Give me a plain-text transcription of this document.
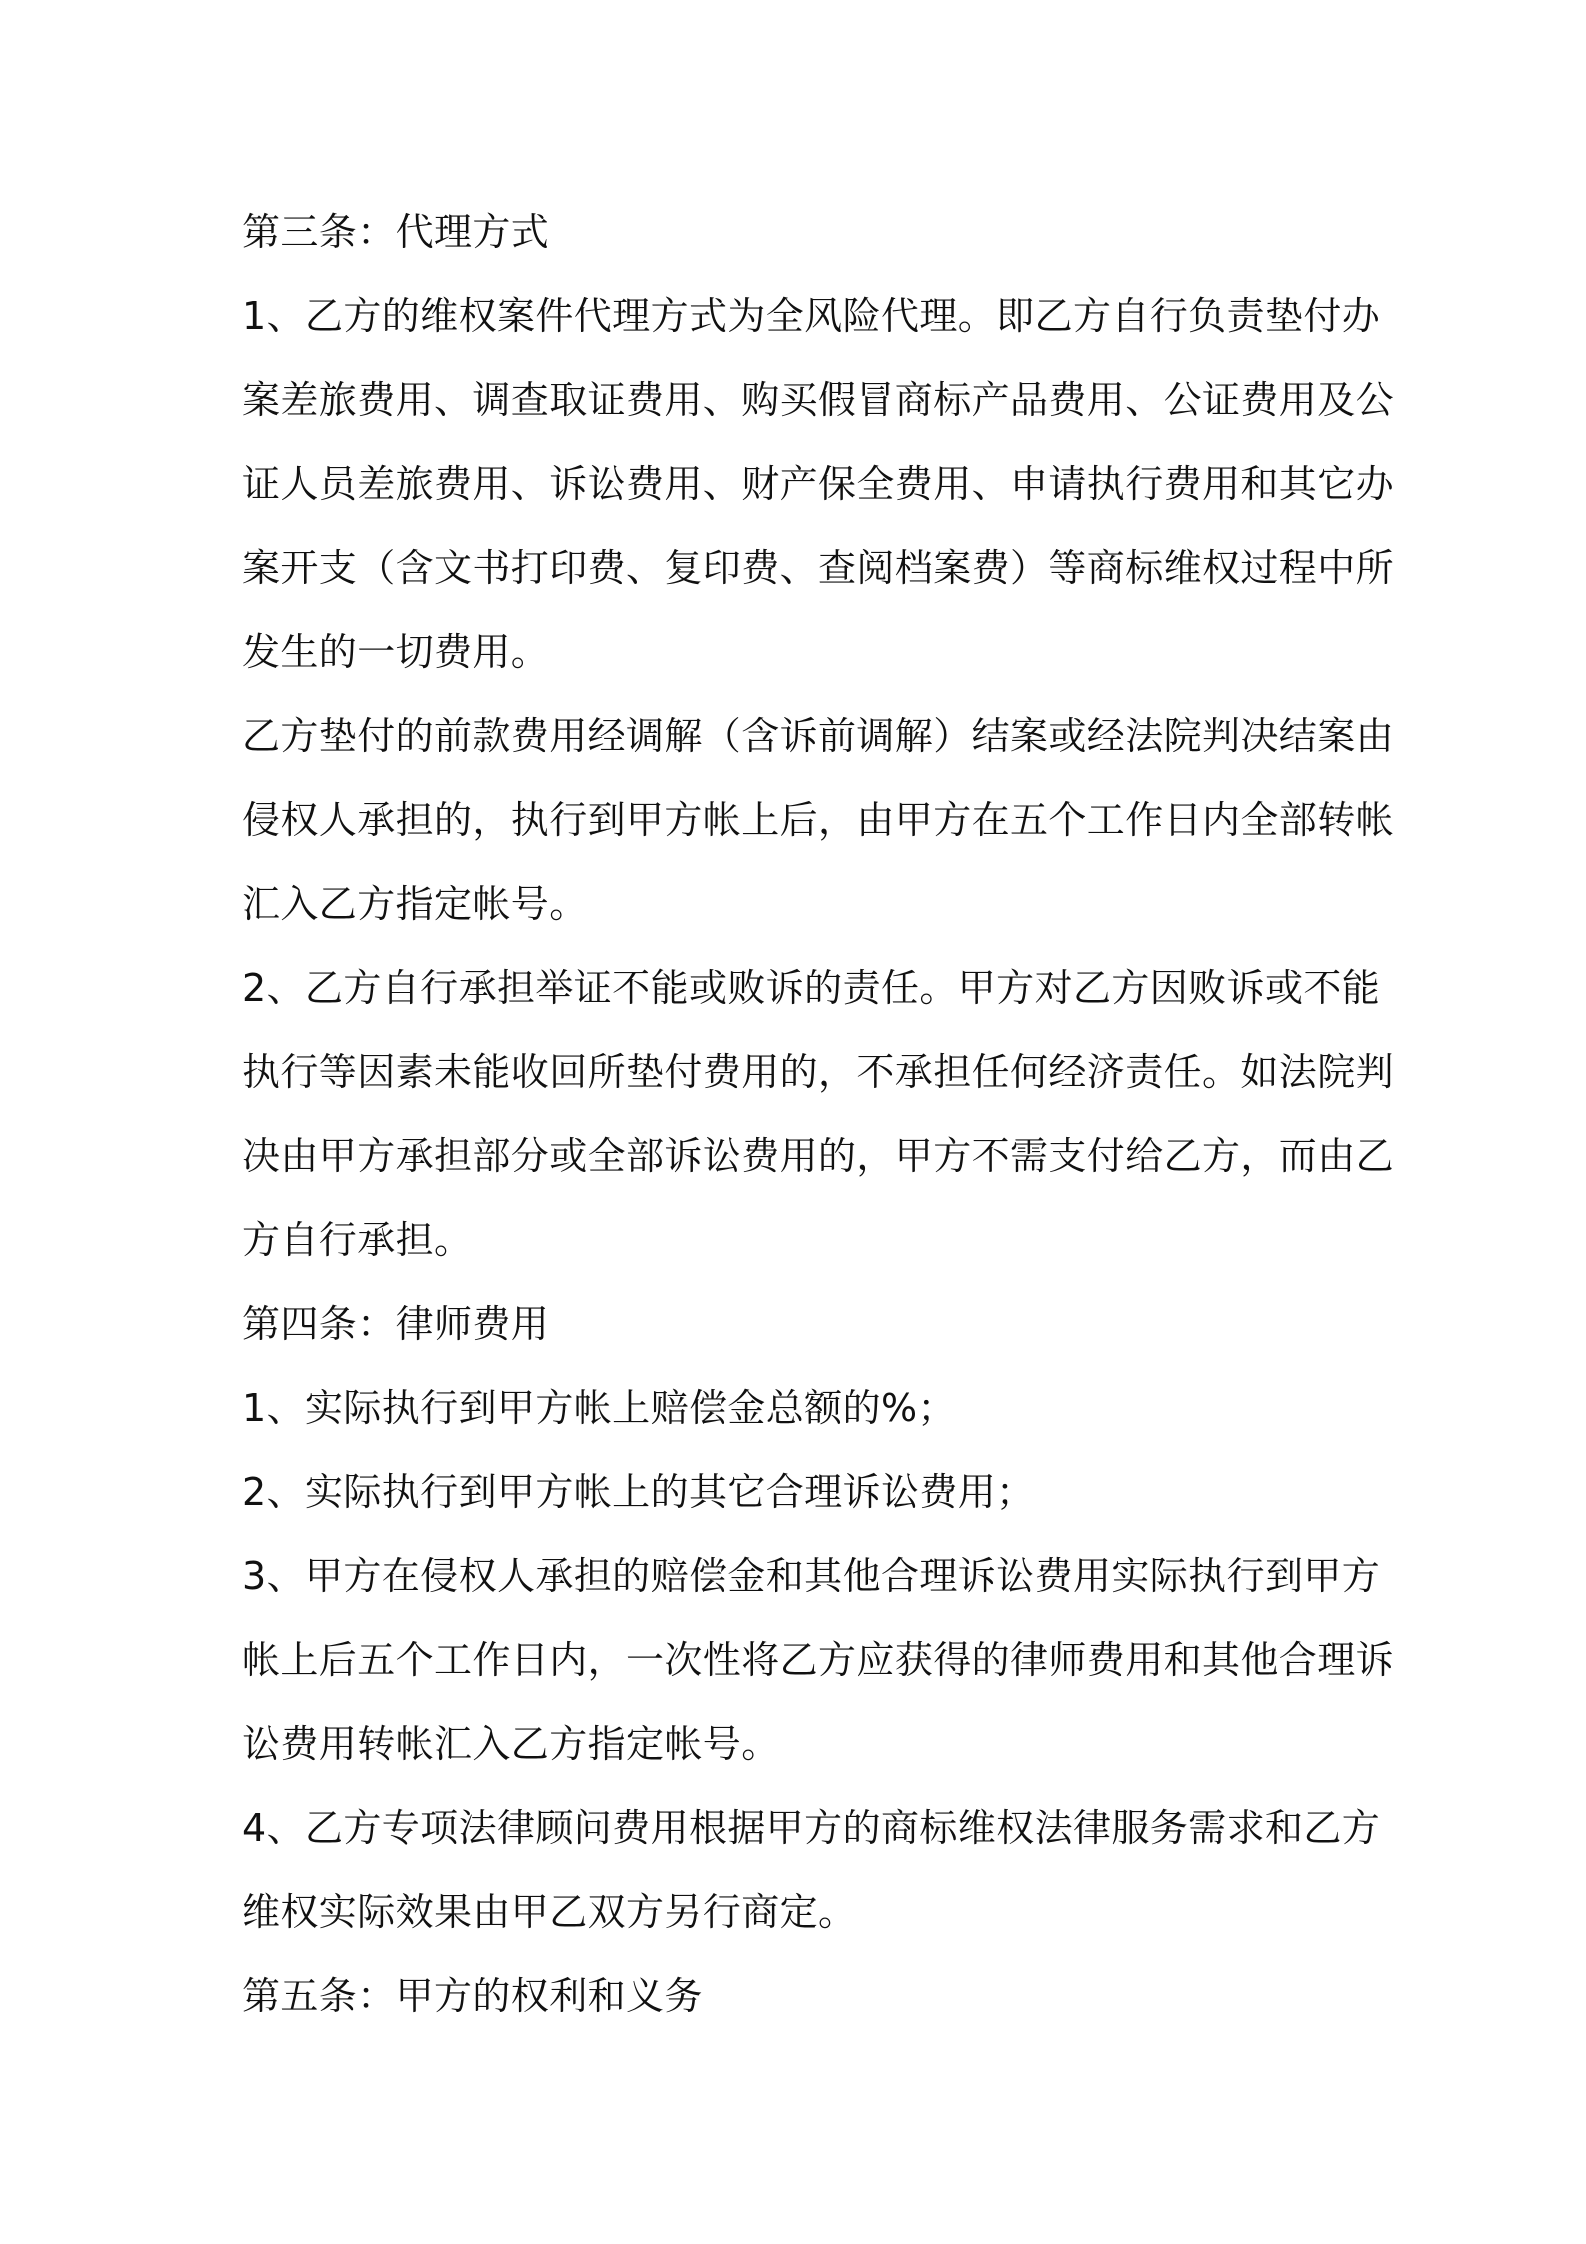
第三条：代理方式
1、乙方的维权案件代理方式为全风险代理。即乙方自行负责垫付办
案差旅费用、调查取证费用、购买假冒商标产品费用、公证费用及公
证人员差旅费用、诉讼费用、财产保全费用、申请执行费用和其它办
案开支（含文书打印费、复印费、查阅档案费）等商标维权过程中所
发生的一切费用。
乙方垫付的前款费用经调解（含诉前调解）结案或经法院判决结案由
侵权人承担的，执行到甲方帐上后，由甲方在五个工作日内全部转帐
汇入乙方指定帐号。
2、乙方自行承担举证不能或败诉的责任。甲方对乙方因败诉或不能
执行等因素未能收回所垫付费用的，不承担任何经济责任。如法院判
决由甲方承担部分或全部诉讼费用的，甲方不需支付给乙方，而由乙
方自行承担。
第四条：律师费用
1、实际执行到甲方帐上赔偿金总额的%；
2、实际执行到甲方帐上的其它合理诉讼费用；
3、甲方在侵权人承担的赔偿金和其他合理诉讼费用实际执行到甲方
帐上后五个工作日内，一次性将乙方应获得的律师费用和其他合理诉
讼费用转帐汇入乙方指定帐号。
4、乙方专项法律顾问费用根据甲方的商标维权法律服务需求和乙方
维权实际效果由甲乙双方另行商定。
第五条：甲方的权利和义务
